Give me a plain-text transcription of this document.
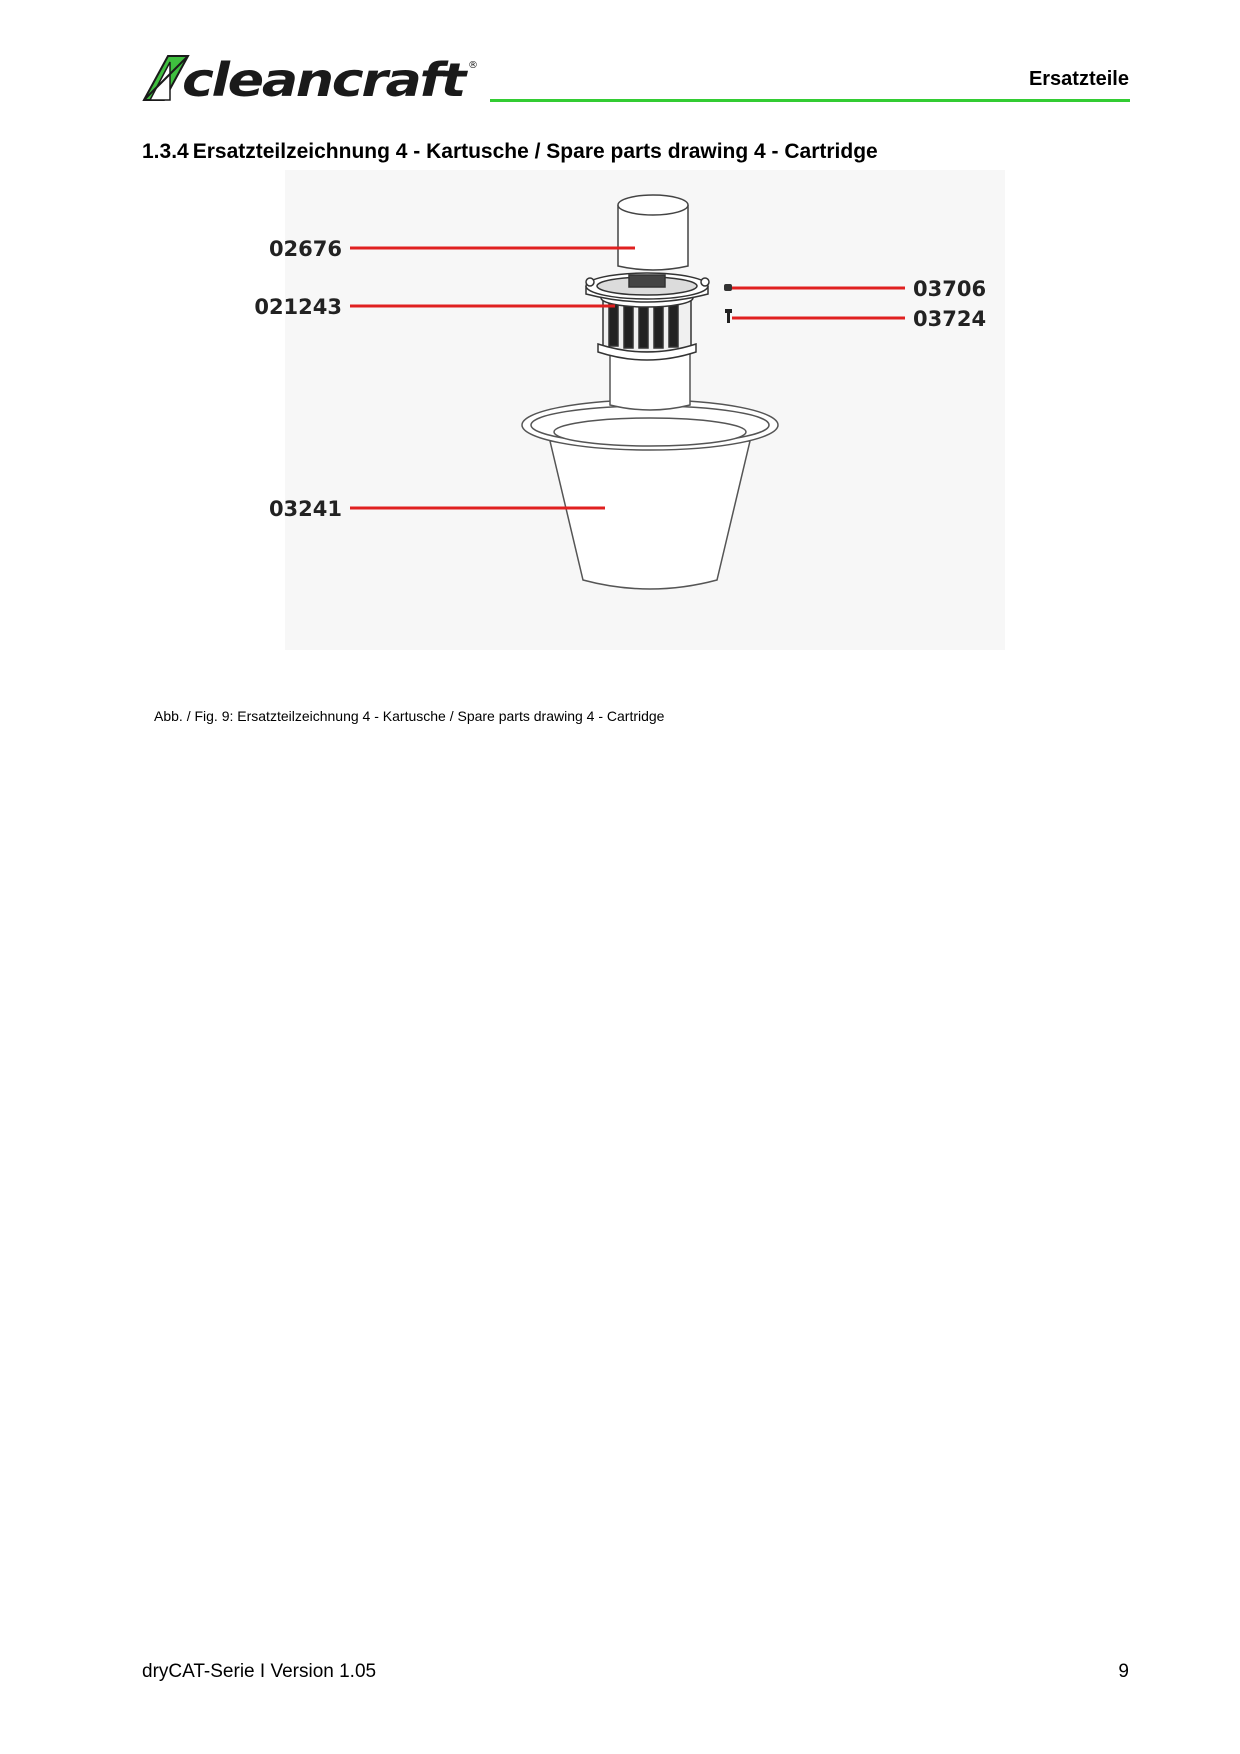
cleancraft ®
Ersatzteile
1.3.4 Ersatzteilzeichnung 4 - Kartusche / Spare parts drawing 4 - Cartridge
02676
021243
03706
03724
03241
Abb. / Fig. 9: Ersatzteilzeichnung 4 - Kartusche / Spare parts drawing 4 - Cartridge
dryCAT-Serie I Version 1.05	9
